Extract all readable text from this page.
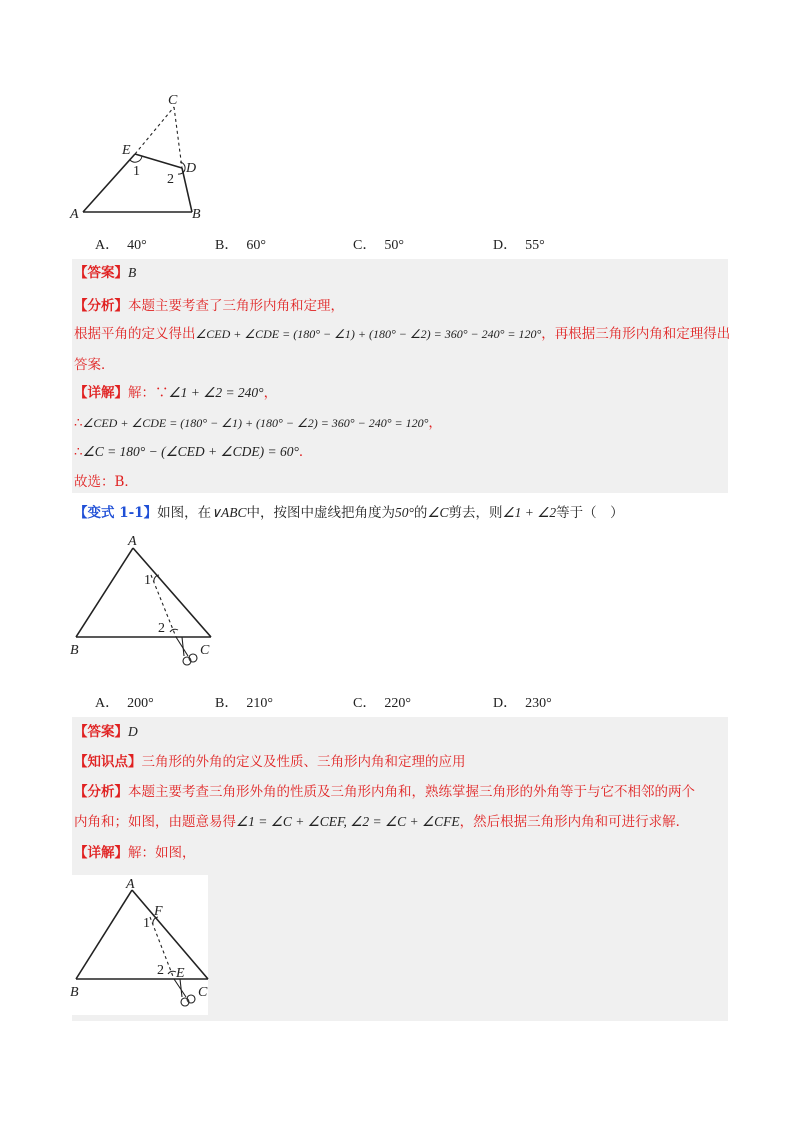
C
E
D
A	B
1
2
A． 40°	B． 60°	C． 50°	D． 55°
【答案】B
【分析】本题主要考查了三角形内角和定理，
根据平角的定义得出∠CED + ∠CDE = (180° − ∠1) + (180° − ∠2) = 360° − 240° = 120°，再根据三角形内角和定理得出
答案．
【详解】解：∵∠1 + ∠2 = 240°，
∴∠CED + ∠CDE = (180° − ∠1) + (180° − ∠2) = 360° − 240° = 120°，
∴∠C = 180° − (∠CED + ∠CDE) = 60°．
故选：B．
【变式 1-1】如图，在∨ABC中，按图中虚线把角度为50°的∠C剪去，则∠1 + ∠2等于（　）
A
B	C
1
2
A． 200°	B． 210°	C． 220°	D． 230°
【答案】D
【知识点】三角形的外角的定义及性质、三角形内角和定理的应用
【分析】本题主要考查三角形外角的性质及三角形内角和，熟练掌握三角形的外角等于与它不相邻的两个
内角和；如图，由题意易得∠1 = ∠C + ∠CEF, ∠2 = ∠C + ∠CFE，然后根据三角形内角和可进行求解．
【详解】解：如图，
A
B	C
F
E
1
2
